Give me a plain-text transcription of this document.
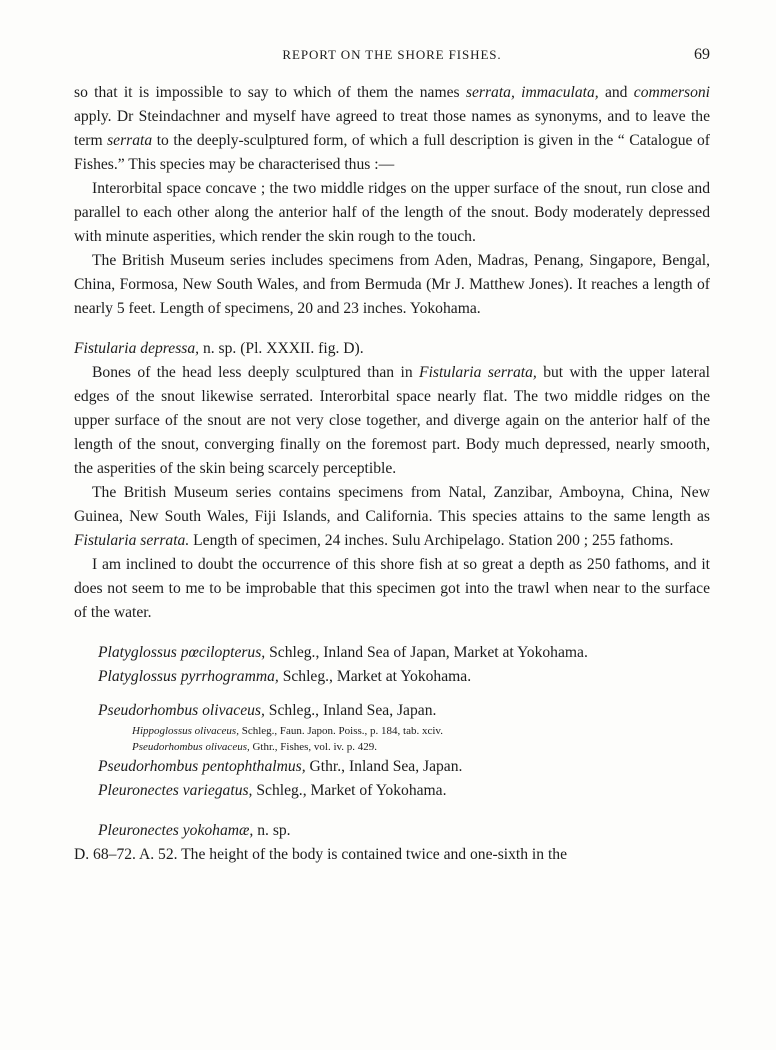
REPORT ON THE SHORE FISHES.	69

so that it is impossible to say to which of them the names serrata, immaculata, and commersoni apply. Dr Steindachner and myself have agreed to treat those names as synonyms, and to leave the term serrata to the deeply-sculptured form, of which a full description is given in the “ Catalogue of Fishes.” This species may be characterised thus :—

Interorbital space concave ; the two middle ridges on the upper surface of the snout, run close and parallel to each other along the anterior half of the length of the snout. Body moderately depressed with minute asperities, which render the skin rough to the touch.

The British Museum series includes specimens from Aden, Madras, Penang, Singapore, Bengal, China, Formosa, New South Wales, and from Bermuda (Mr J. Matthew Jones). It reaches a length of nearly 5 feet. Length of specimens, 20 and 23 inches. Yokohama.

Fistularia depressa, n. sp. (Pl. XXXII. fig. D).

Bones of the head less deeply sculptured than in Fistularia serrata, but with the upper lateral edges of the snout likewise serrated. Interorbital space nearly flat. The two middle ridges on the upper surface of the snout are not very close together, and diverge again on the anterior half of the length of the snout, converging finally on the foremost part. Body much depressed, nearly smooth, the asperities of the skin being scarcely perceptible.

The British Museum series contains specimens from Natal, Zanzibar, Amboyna, China, New Guinea, New South Wales, Fiji Islands, and California. This species attains to the same length as Fistularia serrata. Length of specimen, 24 inches. Sulu Archipelago. Station 200 ; 255 fathoms.

I am inclined to doubt the occurrence of this shore fish at so great a depth as 250 fathoms, and it does not seem to me to be improbable that this specimen got into the trawl when near to the surface of the water.

Platyglossus pœcilopterus, Schleg., Inland Sea of Japan, Market at Yokohama.

Platyglossus pyrrhogramma, Schleg., Market at Yokohama.

Pseudorhombus olivaceus, Schleg., Inland Sea, Japan.

Hippoglossus olivaceus, Schleg., Faun. Japon. Poiss., p. 184, tab. xciv.

Pseudorhombus olivaceus, Gthr., Fishes, vol. iv. p. 429.

Pseudorhombus pentophthalmus, Gthr., Inland Sea, Japan.

Pleuronectes variegatus, Schleg., Market of Yokohama.

Pleuronectes yokohamæ, n. sp.

D. 68–72. A. 52. The height of the body is contained twice and one-sixth in the
